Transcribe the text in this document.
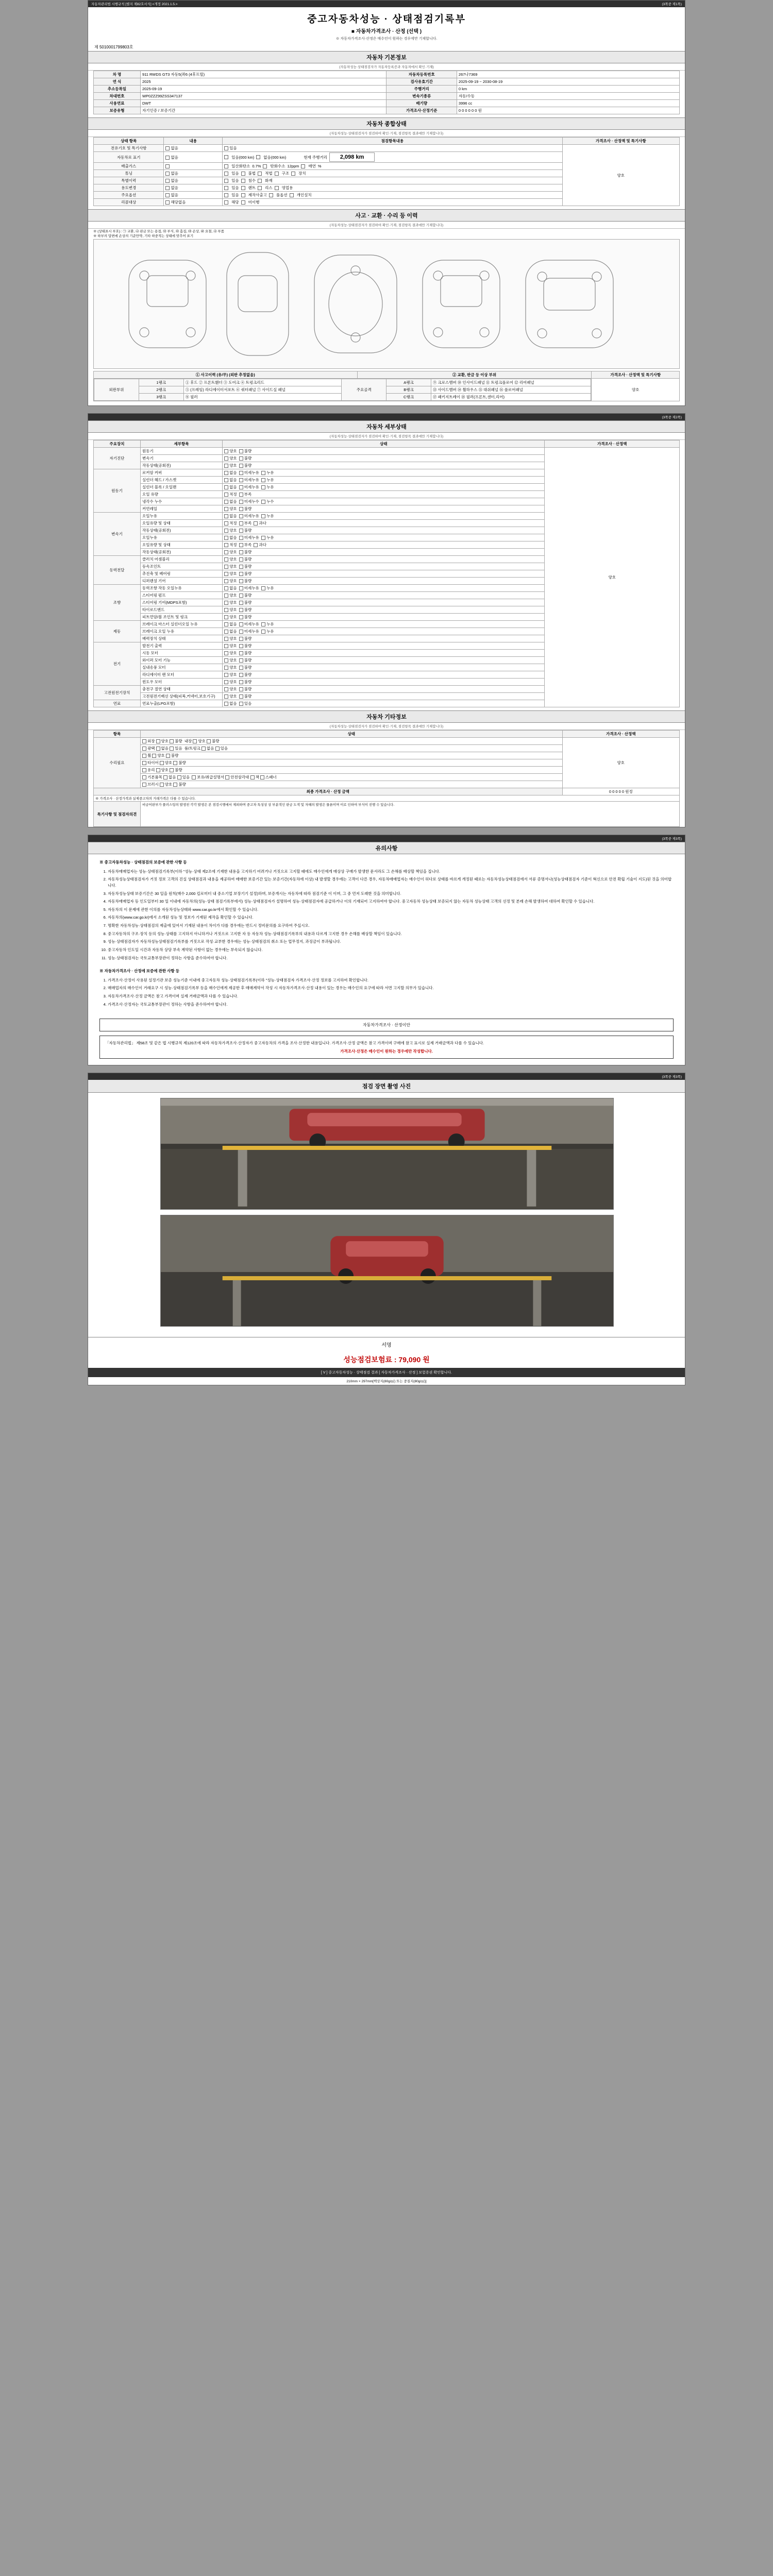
자동차관리법 시행규칙 [별지 제82호서식] <개정 2021.1.5.>	(3쪽중 제1쪽)
중고자동차성능 · 상태점검기록부
■ 자동차가격조사 · 산정 (선택 )
※ 자동차가격조사·산정은 매수인이 원하는 경우에만 기재합니다.
제 5010001799803호
자동차 기본정보
(자동차성능·상태점검자가 자동차등록증과 자동차에서 확인·기재)
차 명	911 RWDS GT3 자동5(좌6 (4후프릴)	자동차등록번호	267나7369
연 식	2025	검사유효기간	2025-09-19 ~ 2030-08-19
추소등록일	2025-09-19	주행거리	0 km
차대번호	WP0ZZZ99ZSS347137	변속기종류	자동/수동
사용연료	DWT	배기량	3996 cc
보증유형	자기인증 / 보증기간	가격조사·산정기준	0 0 0 0 0 0 원
자동차 종합상태
(자동차성능·상태점검자가 점검하여 확인·기재, 점검항목 결과에만 기재합니다)
상태 항목	내용	점검항목내용	가격조사 · 산정액 및 특기사항
전유기호 및 특기사항	없음	있음	양호
자동차로 표기	없음	있음(000 km) 없음(000 km) 현재 주행거리 2,098 km	

배출가스		일산화탄소 0.7% 탄화수소 12ppm 매연 %

튜닝	없음	있음 불법 적법 구조 장치	

특별이력	없음	있음 침수 화재	

용도변경	없음	있음 렌트 리스 영업용	

주요옵션	없음	있음 제작사출고 풀옵션 개인설치	

리콜대상	해당없음	해당 미이행	
사고 · 교환 · 수리 등 이력
(자동차성능·상태점검자가 점검하여 확인·기재, 점검항목 결과에만 기재합니다)
※ (상태표시 부호) : ㉠ 교환, ㉯ 판금 또는 용접, ㉰ 부식, ㉱ 흠집, ㉲ 손상, ㉳ 요철, ㉴ 부품
※ 하부의 답변에 손상의 기준만약, 기타 하중적는 상태에 맞추어 표기
① 사고이력 (유/무) (외판 추정없음)	② 교환, 판금 등 이상 부위	가격조사 · 산정액 및 특기사항

외판부위	1랭크	① 후드 ② 프론트휀더 ③ 도어크 ④ 트렁크리드	주요골격	A랭크	⑨ 크로스멤버 ⑩ 인사이드패널 ⑪ 트렁크플로어 ⑫ 리어패널
2랭크	⑤ (프레임) 라디에이터서포트 ⑥ 쿼터패널 ⑦ 사이드실 패널	B랭크	⑬ 사이드멤버 ⑭ 휠하우스 ⑮ 대쉬패널 ⑯ 플로어패널
3랭크	⑧ 필러	C랭크	⑰ 패키지트레이 ⑱ 필러(프론트,센터,리어)
	양호
(3쪽중 제2쪽)
자동차 세부상태
(자동차성능·상태점검자가 점검하여 확인·기재, 점검항목 결과에만 기재합니다)
주요장치	세부항목	상태	가격조사 · 산정액
자기진단	원동기	양호 불량	양호
	변속기	양호 불량	
	작동상태(공회전)	양호 불량	
원동기	로커암 커버	없음 미세누유 누유	
	실린더 헤드 / 가스켓	없음 미세누유 누유	
	실린더 블록 / 오일팬	없음 미세누유 누유	
	오일 유량	적정 부족	
	냉각수 누수	없음 미세누수 누수	
	커먼레일	양호 불량	
변속기	오일누유	없음 미세누유 누유	
	오일유량 및 상태	적정 부족 과다	
	작동상태(공회전)	양호 불량	
	오일누유	없음 미세누유 누유	
	오일유량 및 상태	적정 부족 과다	
	작동상태(공회전)	양호 불량	
동력전달	클러치 어셈블리	양호 불량	
	등속조인트	양호 불량	
	추진축 및 베어링	양호 불량	
	디퍼렌셜 기어	양호 불량	
조향	동력조향 작동 오일누유	없음 미세누유 누유	
	스티어링 펌프	양호 불량	
	스티어링 기어(MDPS포함)	양호 불량	
	타이로드엔드	양호 불량	
	피트먼암/볼 조인트 및 링크	양호 불량	
제동	브레이크 마스터 실린더오일 누유	없음 미세누유 누유	
	브레이크 오일 누유	없음 미세누유 누유	
	배력장치 상태	양호 불량	
전기	발전기 출력	양호 불량	
	시동 모터	양호 불량	
	와이퍼 모터 기능	양호 불량	
	실내송풍 모터	양호 불량	
	라디에이터 팬 모터	양호 불량	
	윈도우 모터	양호 불량	
고전원전기장치	충전구 절연 상태	양호 불량	
	고전원전기배선 상태(피복,커넥터,보호기구)	양호 불량	
연료	연료누출(LPG포함)	없음 있음	
자동차 기타정보
(자동차성능·상태점검자가 점검하여 확인·기재, 점검항목 결과에만 기재합니다)
항목	상태	가격조사 · 산정액
수리필요	외장 양호 불량 내장 양호 불량	양호
	광택 없음 있음 룸/트렁크 없음 있음	
	휠 양호 불량	
	타이어 양호 불량	
	유리 양호 불량	
	기본품목 없음 있음 보유/취급설명서 안전삼각대 잭 스패너	
	브러시 양호 불량	
최종 가격조사 · 산정 금액		0 0 0 0 0 원정
※ 가격조사 · 산정가격과 실제중고차의 거래가격은 다를 수 있습니다.		
특기사항 및 점검자의견	비금어판부가 플러스팅의 발생친 각각 발생은 본 점검시행에서 제외하며 중고차 특성상 상 부분적인 판금 도색 및 자해의 발생은 물론이며 이로 인하여 부식이 진행 수 있습니다.	
(3쪽중 제3쪽)
유의사항
※ 중고자동차성능 · 상태점검의 보증에 관한 사항 등
1. 자동차매매업자는 성능·상태점검기록부(이하 "성능·상태 제2조에 기재한 내용을 고지하기 어려거나 거짓으로 고지할 때에도 매수인에게 매상상 구매가 발생한 문서라도 그 손해를 배상할 책임을 집니다.
2. 자동차성능상태점검자가 거짓 정보 고객의 진실 상태점검과 내용을 제공하여 매매한 보증기간 있는 보증기간(자동차에 이상) 내 발생할 경우에는 고객이 다른 경우, 자동차매매업자는 매수인이 허다로 상태를 바르게 개정된 때로는 자동차성능상태점검에서 서류 증명서나(성능상태점검자 기준이 혁신으로 안전 확립 기술이 지도)된 것을 의미합니다.
3. 자동차성능상태 보증기간은 30 일을 원칙(매수 2,000 킬로미터 내 중소기업 보장기기 설정)하며, 보증개시는 자동차에 따라 점검기준 이 이며, 그 중 먼저 도래한 것을 의미합니다.
4. 자동차매매업자 등 인도일부터 30 일 이내에 자동차의(성능·상태 점검기록부에서) 성능·상태점검자가 설명하여 성능·상태점검자에 공급하거나 이의 기재되어 고지하여야 합니다. 중고자동차 성능상태 보증되지 않는 자동차 성능상태 고객의 선정 및 본래 손해 발생하여 대하여 확인할 수 있습니다.
5. 자동차의 이 문제에 관한 이의를 자동차성능상태와 www.car.go.kr에서 확인할 수 있습니다.
6. 자동차의(www.car.go.kr)에서 소개된 성능 및 정보가 기재된 제작을 확인할 수 있습니다.
7. 명확한 자동차성능·상태점검의 제출에 있어서 기재된 내용이 차이가 다를 경우에는 반드시 정비문의를 요구하여 주십시오.
8. 중고자동차의 구조·장치 등의 성능·상태를 고지하지 아니하거나 거짓으로 고지한 자 등 자동차 성능·상태점검기록부의 내용과 다르게 고지한 경우 손해를 배상할 책임이 있습니다.
9. 성능·상태점검자가 자동차성능상태점검기록부를 거짓으로 작성·교부한 경우에는 성능·상태점검의 취소 또는 업무정지, 과징금이 부과됩니다.
10. 중고자동차 인도일 시간과 자동차 상당 부속 계약된 사항이 없는 경우에는 부속되지 않습니다.
11. 성능·상태점검자는 국토교통부장관이 정하는 사항을 준수하여야 합니다.
※ 자동차가격조사 · 산정에 보증에 관한 사항 등
1. 가격조사·산정이 사용된 설정기관 보증 성능기준 이내에 중고자동차 성능·상태점검기록부(이하 "성능·상태점검자 가격조사·산정 정보를 고지하여 확인합니다.
2. 매매업자의 매수인이 거래요구 시 성능·상태점검기록부 등을 매수인에게 제공한 후 매매계약서 작성 시 자동차가격조사·산정 내용이 있는 경우는 매수인의 요구에 따라 서면 고지할 의무가 있습니다.
3. 자동차가격조사·산정 금액은 참고 가격이며 실제 거래금액과 다를 수 있습니다.
4. 가격조사·산정자는 국토교통부장관이 정하는 사항을 준수하여야 합니다.
자동차가격조사 · 산정이안
「자동차관리법」 제58조 및 같은 법 시행규칙 제120조에 따라 자동차가격조사·산정자가 중고자동차의 가격을 조사·산정한 내용입니다. 가격조사·산정 금액은 참고 가격이며 구매에 참고 표시로 실제 거래금액과 다를 수 있습니다.
가격조사·산정은 매수인이 원하는 경우에만 작성합니다.
(3쪽중 제3쪽)
점검 장면 촬영 사진
서명
성능점검보험료 : 79,090 원
[ V ] 중고자동차성능 · 상태점검 결과 [ 자동차가격조사 · 산정 ] 보험증권 확인합니다.
210mm × 297mm[백상지(80g/㎡) 또는 중질지(80g/㎡)]
